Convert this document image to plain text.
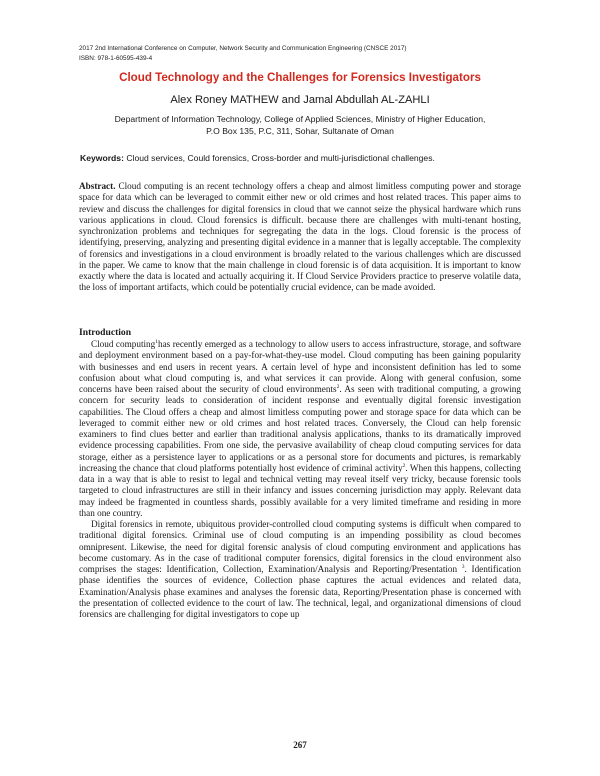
2017 2nd International Conference on Computer, Network Security and Communication Engineering (CNSCE 2017)
ISBN: 978-1-60595-439-4
Cloud Technology and the Challenges for Forensics Investigators
Alex Roney MATHEW and Jamal Abdullah AL-ZAHLI
Department of Information Technology, College of Applied Sciences, Ministry of Higher Education,
P.O Box 135, P.C, 311, Sohar, Sultanate of Oman
Keywords: Cloud services, Could forensics, Cross-border and multi-jurisdictional challenges.
Abstract. Cloud computing is an recent technology offers a cheap and almost limitless computing power and storage space for data which can be leveraged to commit either new or old crimes and host related traces. This paper aims to review and discuss the challenges for digital forensics in cloud that we cannot seize the physical hardware which runs various applications in cloud. Cloud forensics is difficult. because there are challenges with multi-tenant hosting, synchronization problems and techniques for segregating the data in the logs. Cloud forensic is the process of identifying, preserving, analyzing and presenting digital evidence in a manner that is legally acceptable. The complexity of forensics and investigations in a cloud environment is broadly related to the various challenges which are discussed in the paper. We came to know that the main challenge in cloud forensic is of data acquisition. It is important to know exactly where the data is located and actually acquiring it. If Cloud Service Providers practice to preserve volatile data, the loss of important artifacts, which could be potentially crucial evidence, can be made avoided.
Introduction

Cloud computing$^1$has recently emerged as a technology to allow users to access infrastructure, storage, and software and deployment environment based on a pay-for-what-they-use model. Cloud computing has been gaining popularity with businesses and end users in recent years. A certain level of hype and inconsistent definition has led to some confusion about what cloud computing is, and what services it can provide. Along with general confusion, some concerns have been raised about the security of cloud environments$^2$. As seen with traditional computing, a growing concern for security leads to consideration of incident response and eventually digital forensic investigation capabilities. The Cloud offers a cheap and almost limitless computing power and storage space for data which can be leveraged to commit either new or old crimes and host related traces. Conversely, the Cloud can help forensic examiners to find clues better and earlier than traditional analysis applications, thanks to its dramatically improved evidence processing capabilities. From one side, the pervasive availability of cheap cloud computing services for data storage, either as a persistence layer to applications or as a personal store for documents and pictures, is remarkably increasing the chance that cloud platforms potentially host evidence of criminal activity$^2$. When this happens, collecting data in a way that is able to resist to legal and technical vetting may reveal itself very tricky, because forensic tools targeted to cloud infrastructures are still in their infancy and issues concerning jurisdiction may apply. Relevant data may indeed be fragmented in countless shards, possibly available for a very limited timeframe and residing in more than one country.

Digital forensics in remote, ubiquitous provider-controlled cloud computing systems is difficult when compared to traditional digital forensics. Criminal use of cloud computing is an impending possibility as cloud becomes omnipresent. Likewise, the need for digital forensic analysis of cloud computing environment and applications has become customary. As in the case of traditional computer forensics, digital forensics in the cloud environment also comprises the stages: Identification, Collection, Examination/Analysis and Reporting/Presentation $^3$. Identification phase identifies the sources of evidence, Collection phase captures the actual evidences and related data, Examination/Analysis phase examines and analyses the forensic data, Reporting/Presentation phase is concerned with the presentation of collected evidence to the court of law. The technical, legal, and organizational dimensions of cloud forensics are challenging for digital investigators to cope up

267
